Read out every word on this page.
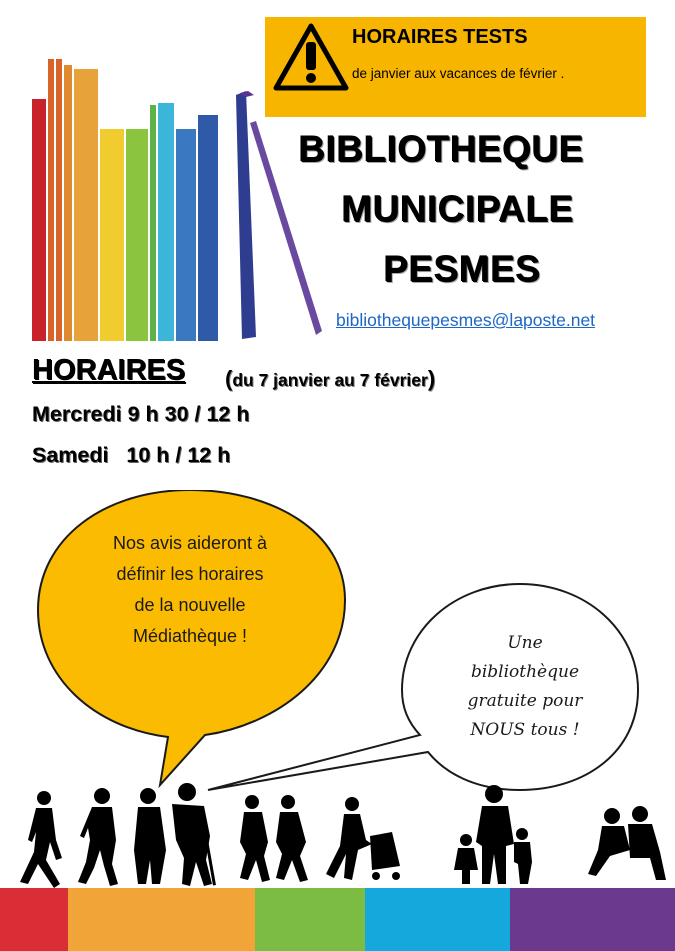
HORAIRES TESTS
de janvier aux vacances de février .
BIBLIOTHEQUE
MUNICIPALE
PESMES
bibliothequepesmes@laposte.net
HORAIRES (du 7 janvier au 7 février)
Mercredi 9 h 30 / 12 h
Samedi   10 h / 12 h
Nos avis aideront à
définir les horaires
de la nouvelle
Médiathèque !	Une
bibliothèque
gratuite pour
NOUS tous !
